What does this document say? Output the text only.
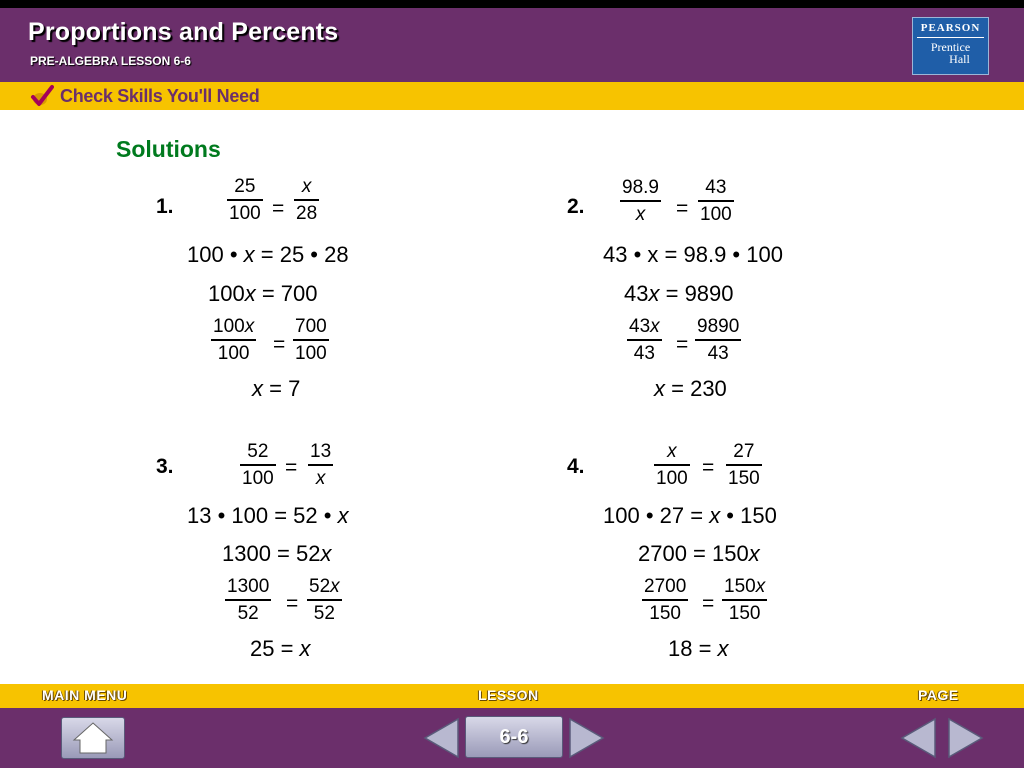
Proportions and Percents
PRE-ALGEBRA LESSON 6-6
PEARSON
Prentice
Hall
Check Skills You'll Need
Solutions
1.
25
100 =
x
28
100 • x = 25 • 28
100x = 700
100x
100	=
700
100
x = 7
2.
98.9
x	=
43
100
43 • x = 98.9 • 100
43x = 9890
43x
43	=
9890
43
x = 230
3.
52
100 =
13
x
13 • 100 = 52 • x
1300 = 52x
1300
52	=
52x
52
25 = x
4.
x
100 =
27
150
100 • 27 = x • 150
2700 = 150x
2700
150	=
150x
150
18 = x
MAIN MENU	LESSON	PAGE
6-6
